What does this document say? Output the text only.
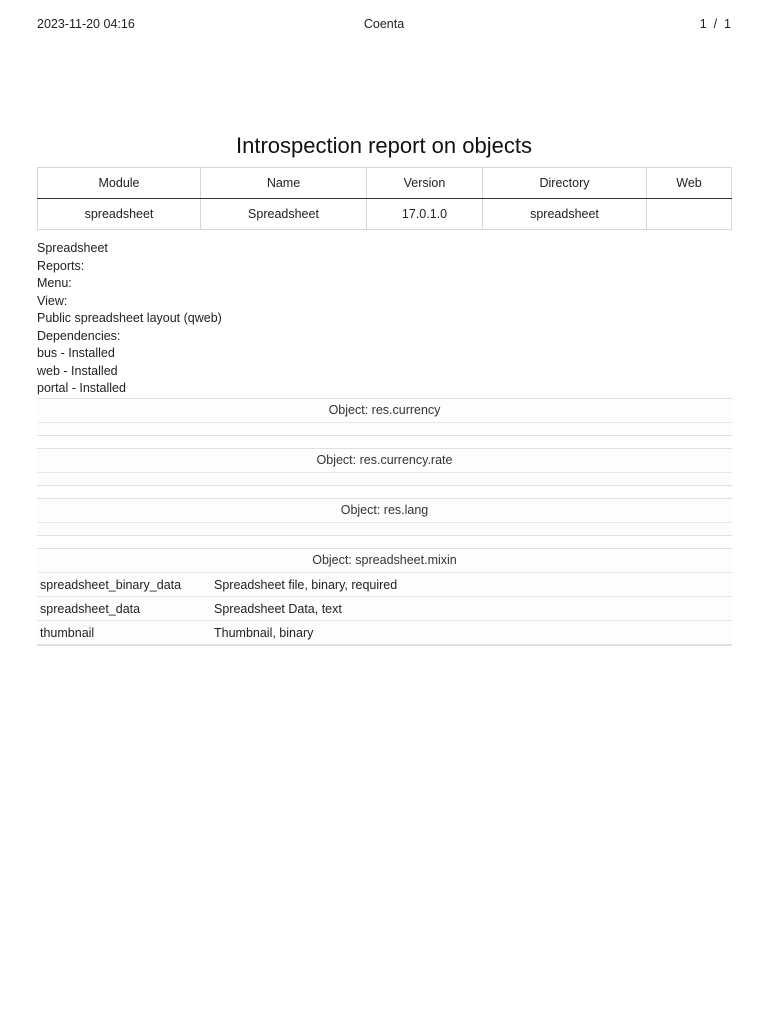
2023-11-20 04:16	Coenta	1  /  1
Introspection report on objects
Module	Name	Version	Directory	Web
spreadsheet	Spreadsheet	17.0.1.0	spreadsheet	
Spreadsheet
Reports:
Menu:
View:
Public spreadsheet layout (qweb)
Dependencies:
bus - Installed
web - Installed
portal - Installed
Object: res.currency
Object: res.currency.rate
Object: res.lang
Object: spreadsheet.mixin
spreadsheet_binary_data	Spreadsheet file, binary, required
spreadsheet_data	Spreadsheet Data, text
thumbnail	Thumbnail, binary
